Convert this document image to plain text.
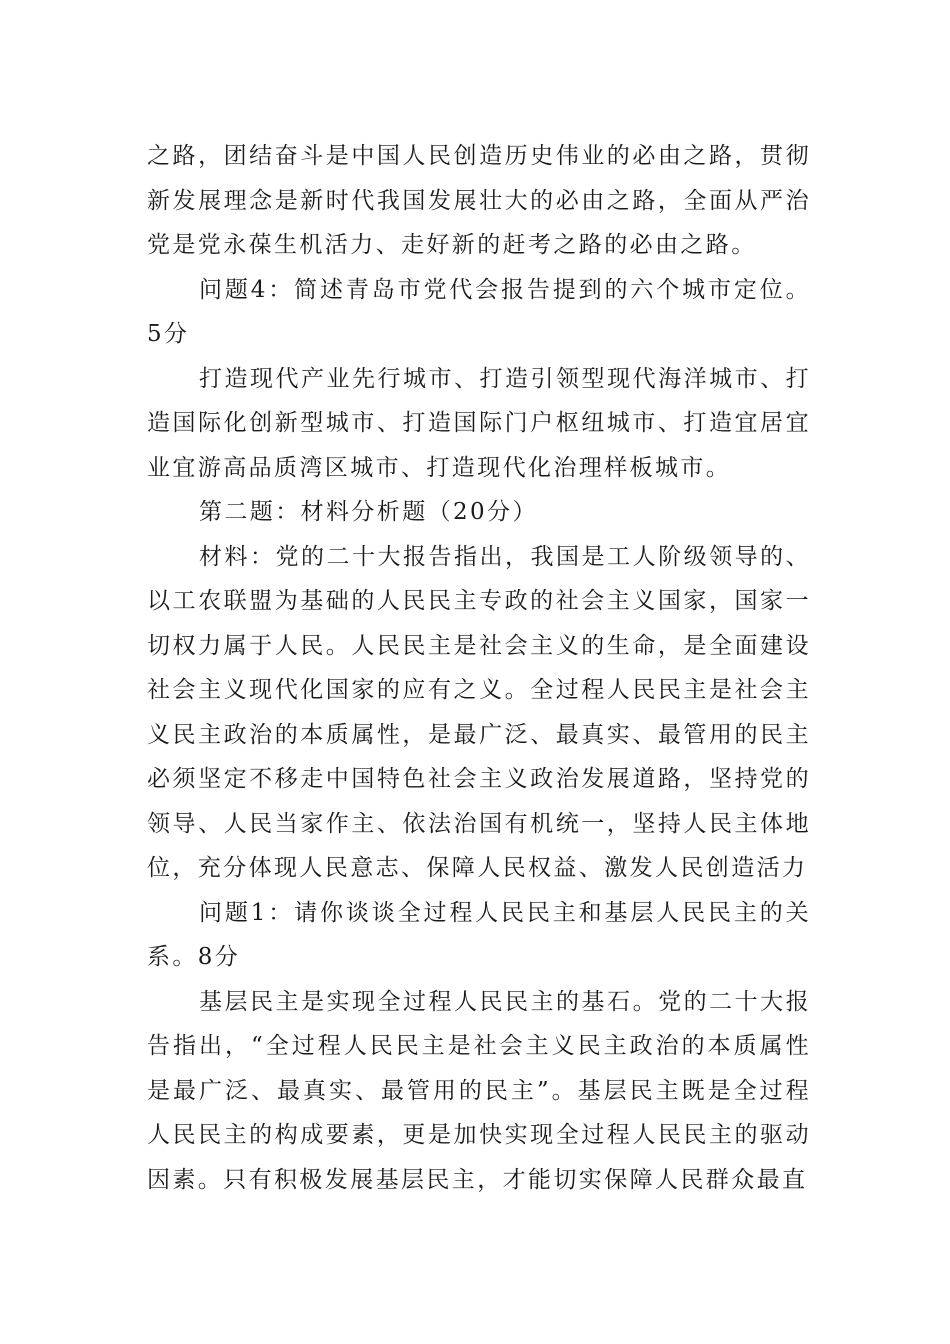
之路，团结奋斗是中国人民创造历史伟业的必由之路，贯彻新发展理念是新时代我国发展壮大的必由之路，全面从严治党是党永葆生机活力、走好新的赶考之路的必由之路。

问题4：简述青岛市党代会报告提到的六个城市定位。5分

打造现代产业先行城市、打造引领型现代海洋城市、打造国际化创新型城市、打造国际门户枢纽城市、打造宜居宜业宜游高品质湾区城市、打造现代化治理样板城市。

第二题：材料分析题（20分）

材料：党的二十大报告指出，我国是工人阶级领导的、以工农联盟为基础的人民民主专政的社会主义国家，国家一切权力属于人民。人民民主是社会主义的生命，是全面建设社会主义现代化国家的应有之义。全过程人民民主是社会主义民主政治的本质属性，是最广泛、最真实、最管用的民主必须坚定不移走中国特色社会主义政治发展道路，坚持党的领导、人民当家作主、依法治国有机统一，坚持人民主体地位，充分体现人民意志、保障人民权益、激发人民创造活力

问题1：请你谈谈全过程人民民主和基层人民民主的关系。8分

基层民主是实现全过程人民民主的基石。党的二十大报告指出，“全过程人民民主是社会主义民主政治的本质属性是最广泛、最真实、最管用的民主”。基层民主既是全过程人民民主的构成要素，更是加快实现全过程人民民主的驱动因素。只有积极发展基层民主，才能切实保障人民群众最直
